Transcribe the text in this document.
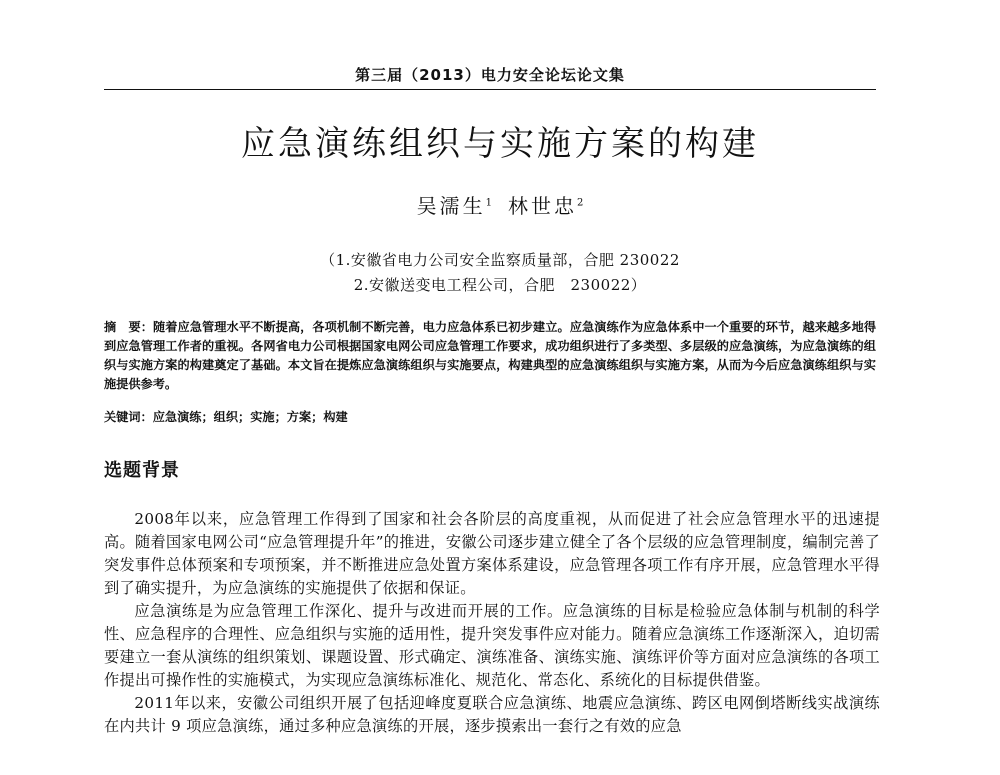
第三届（2013）电力安全论坛论文集
应急演练组织与实施方案的构建
吴濡生$^1$ 林世忠$^2$
（1.安徽省电力公司安全监察质量部，合肥 230022
2.安徽送变电工程公司，合肥　230022）
摘　要：随着应急管理水平不断提高，各项机制不断完善，电力应急体系已初步建立。应急演练作为应急体系中一个重要的环节，越来越多地得到应急管理工作者的重视。各网省电力公司根据国家电网公司应急管理工作要求，成功组织进行了多类型、多层级的应急演练，为应急演练的组织与实施方案的构建奠定了基础。本文旨在提炼应急演练组织与实施要点，构建典型的应急演练组织与实施方案，从而为今后应急演练组织与实施提供参考。
关键词：应急演练；组织；实施；方案；构建
选题背景

2008年以来，应急管理工作得到了国家和社会各阶层的高度重视，从而促进了社会应急管理水平的迅速提高。随着国家电网公司“应急管理提升年”的推进，安徽公司逐步建立健全了各个层级的应急管理制度，编制完善了突发事件总体预案和专项预案，并不断推进应急处置方案体系建设，应急管理各项工作有序开展，应急管理水平得到了确实提升，为应急演练的实施提供了依据和保证。

应急演练是为应急管理工作深化、提升与改进而开展的工作。应急演练的目标是检验应急体制与机制的科学性、应急程序的合理性、应急组织与实施的适用性，提升突发事件应对能力。随着应急演练工作逐渐深入，迫切需要建立一套从演练的组织策划、课题设置、形式确定、演练准备、演练实施、演练评价等方面对应急演练的各项工作提出可操作性的实施模式，为实现应急演练标准化、规范化、常态化、系统化的目标提供借鉴。

2011年以来，安徽公司组织开展了包括迎峰度夏联合应急演练、地震应急演练、跨区电网倒塔断线实战演练在内共计 9 项应急演练，通过多种应急演练的开展，逐步摸索出一套行之有效的应急
